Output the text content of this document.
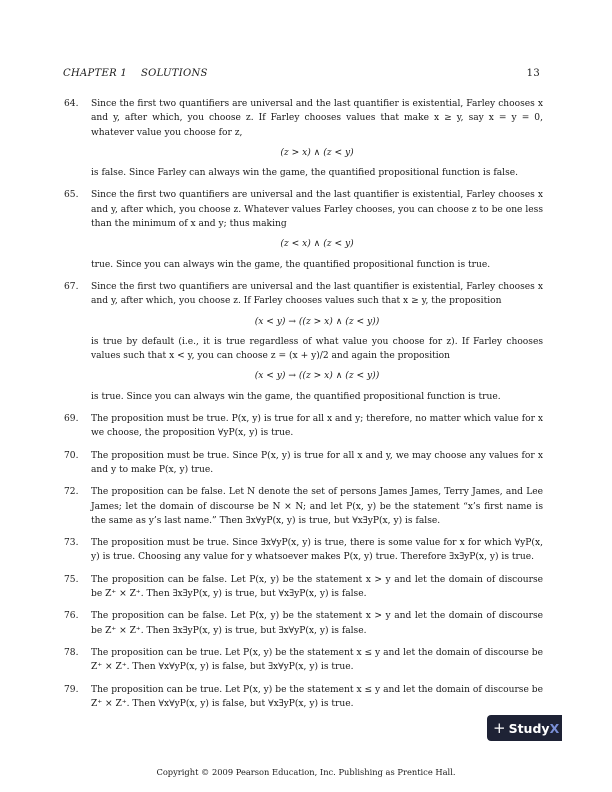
CHAPTER 1    SOLUTIONS	13
64. Since the first two quantifiers are universal and the last quantifier is existential, Farley chooses x and y, after which, you choose z. If Farley chooses values that make x ≥ y, say x = y = 0, whatever value you choose for z,
(z > x) ∧ (z < y)
is false. Since Farley can always win the game, the quantified propositional function is false.
65. Since the first two quantifiers are universal and the last quantifier is existential, Farley chooses x and y, after which, you choose z. Whatever values Farley chooses, you can choose z to be one less than the minimum of x and y; thus making
(z < x) ∧ (z < y)
true. Since you can always win the game, the quantified propositional function is true.
67. Since the first two quantifiers are universal and the last quantifier is existential, Farley chooses x and y, after which, you choose z. If Farley chooses values such that x ≥ y, the proposition
(x < y) → ((z > x) ∧ (z < y))
is true by default (i.e., it is true regardless of what value you choose for z). If Farley chooses values such that x < y, you can choose z = (x + y)/2 and again the proposition
(x < y) → ((z > x) ∧ (z < y))
is true. Since you can always win the game, the quantified propositional function is true.
69. The proposition must be true. P(x, y) is true for all x and y; therefore, no matter which value for x we choose, the proposition ∀yP(x, y) is true.
70. The proposition must be true. Since P(x, y) is true for all x and y, we may choose any values for x and y to make P(x, y) true.
72. The proposition can be false. Let N denote the set of persons James James, Terry James, and Lee James; let the domain of discourse be N × N; and let P(x, y) be the statement “x’s first name is the same as y’s last name.” Then ∃x∀yP(x, y) is true, but ∀x∃yP(x, y) is false.
73. The proposition must be true. Since ∃x∀yP(x, y) is true, there is some value for x for which ∀yP(x, y) is true. Choosing any value for y whatsoever makes P(x, y) true. Therefore ∃x∃yP(x, y) is true.
75. The proposition can be false. Let P(x, y) be the statement x > y and let the domain of discourse be Z⁺ × Z⁺. Then ∃x∃yP(x, y) is true, but ∀x∃yP(x, y) is false.
76. The proposition can be false. Let P(x, y) be the statement x > y and let the domain of discourse be Z⁺ × Z⁺. Then ∃x∃yP(x, y) is true, but ∃x∀yP(x, y) is false.
78. The proposition can be true. Let P(x, y) be the statement x ≤ y and let the domain of discourse be Z⁺ × Z⁺. Then ∀x∀yP(x, y) is false, but ∃x∀yP(x, y) is true.
79. The proposition can be true. Let P(x, y) be the statement x ≤ y and let the domain of discourse be Z⁺ × Z⁺. Then ∀x∀yP(x, y) is false, but ∀x∃yP(x, y) is true.
+ StudyX
Copyright © 2009 Pearson Education, Inc. Publishing as Prentice Hall.
